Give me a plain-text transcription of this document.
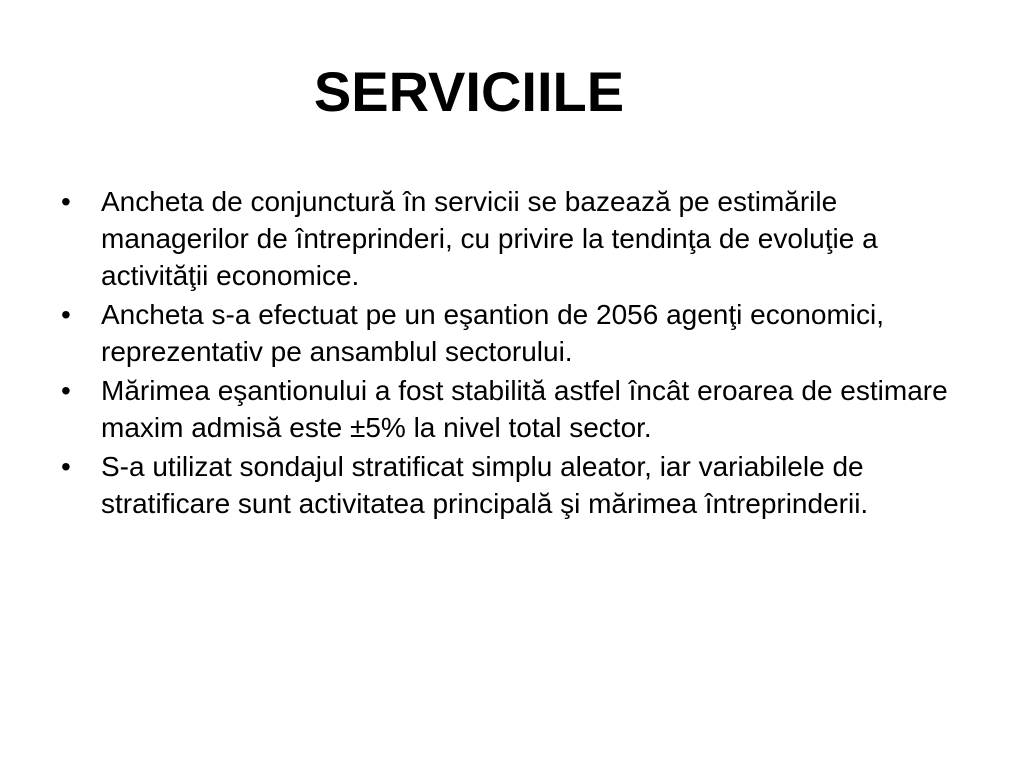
SERVICIILE
• Ancheta de conjunctură în servicii se bazează pe estimările managerilor de întreprinderi, cu privire la tendinţa de evoluţie a activităţii economice.
• Ancheta s-a efectuat pe un eşantion de 2056 agenţi economici, reprezentativ pe ansamblul sectorului.
• Mărimea eşantionului a fost stabilită astfel încât eroarea de estimare maxim admisă este ±5% la nivel total sector.
• S-a utilizat sondajul stratificat simplu aleator, iar variabilele de stratificare sunt activitatea principală şi mărimea întreprinderii.
